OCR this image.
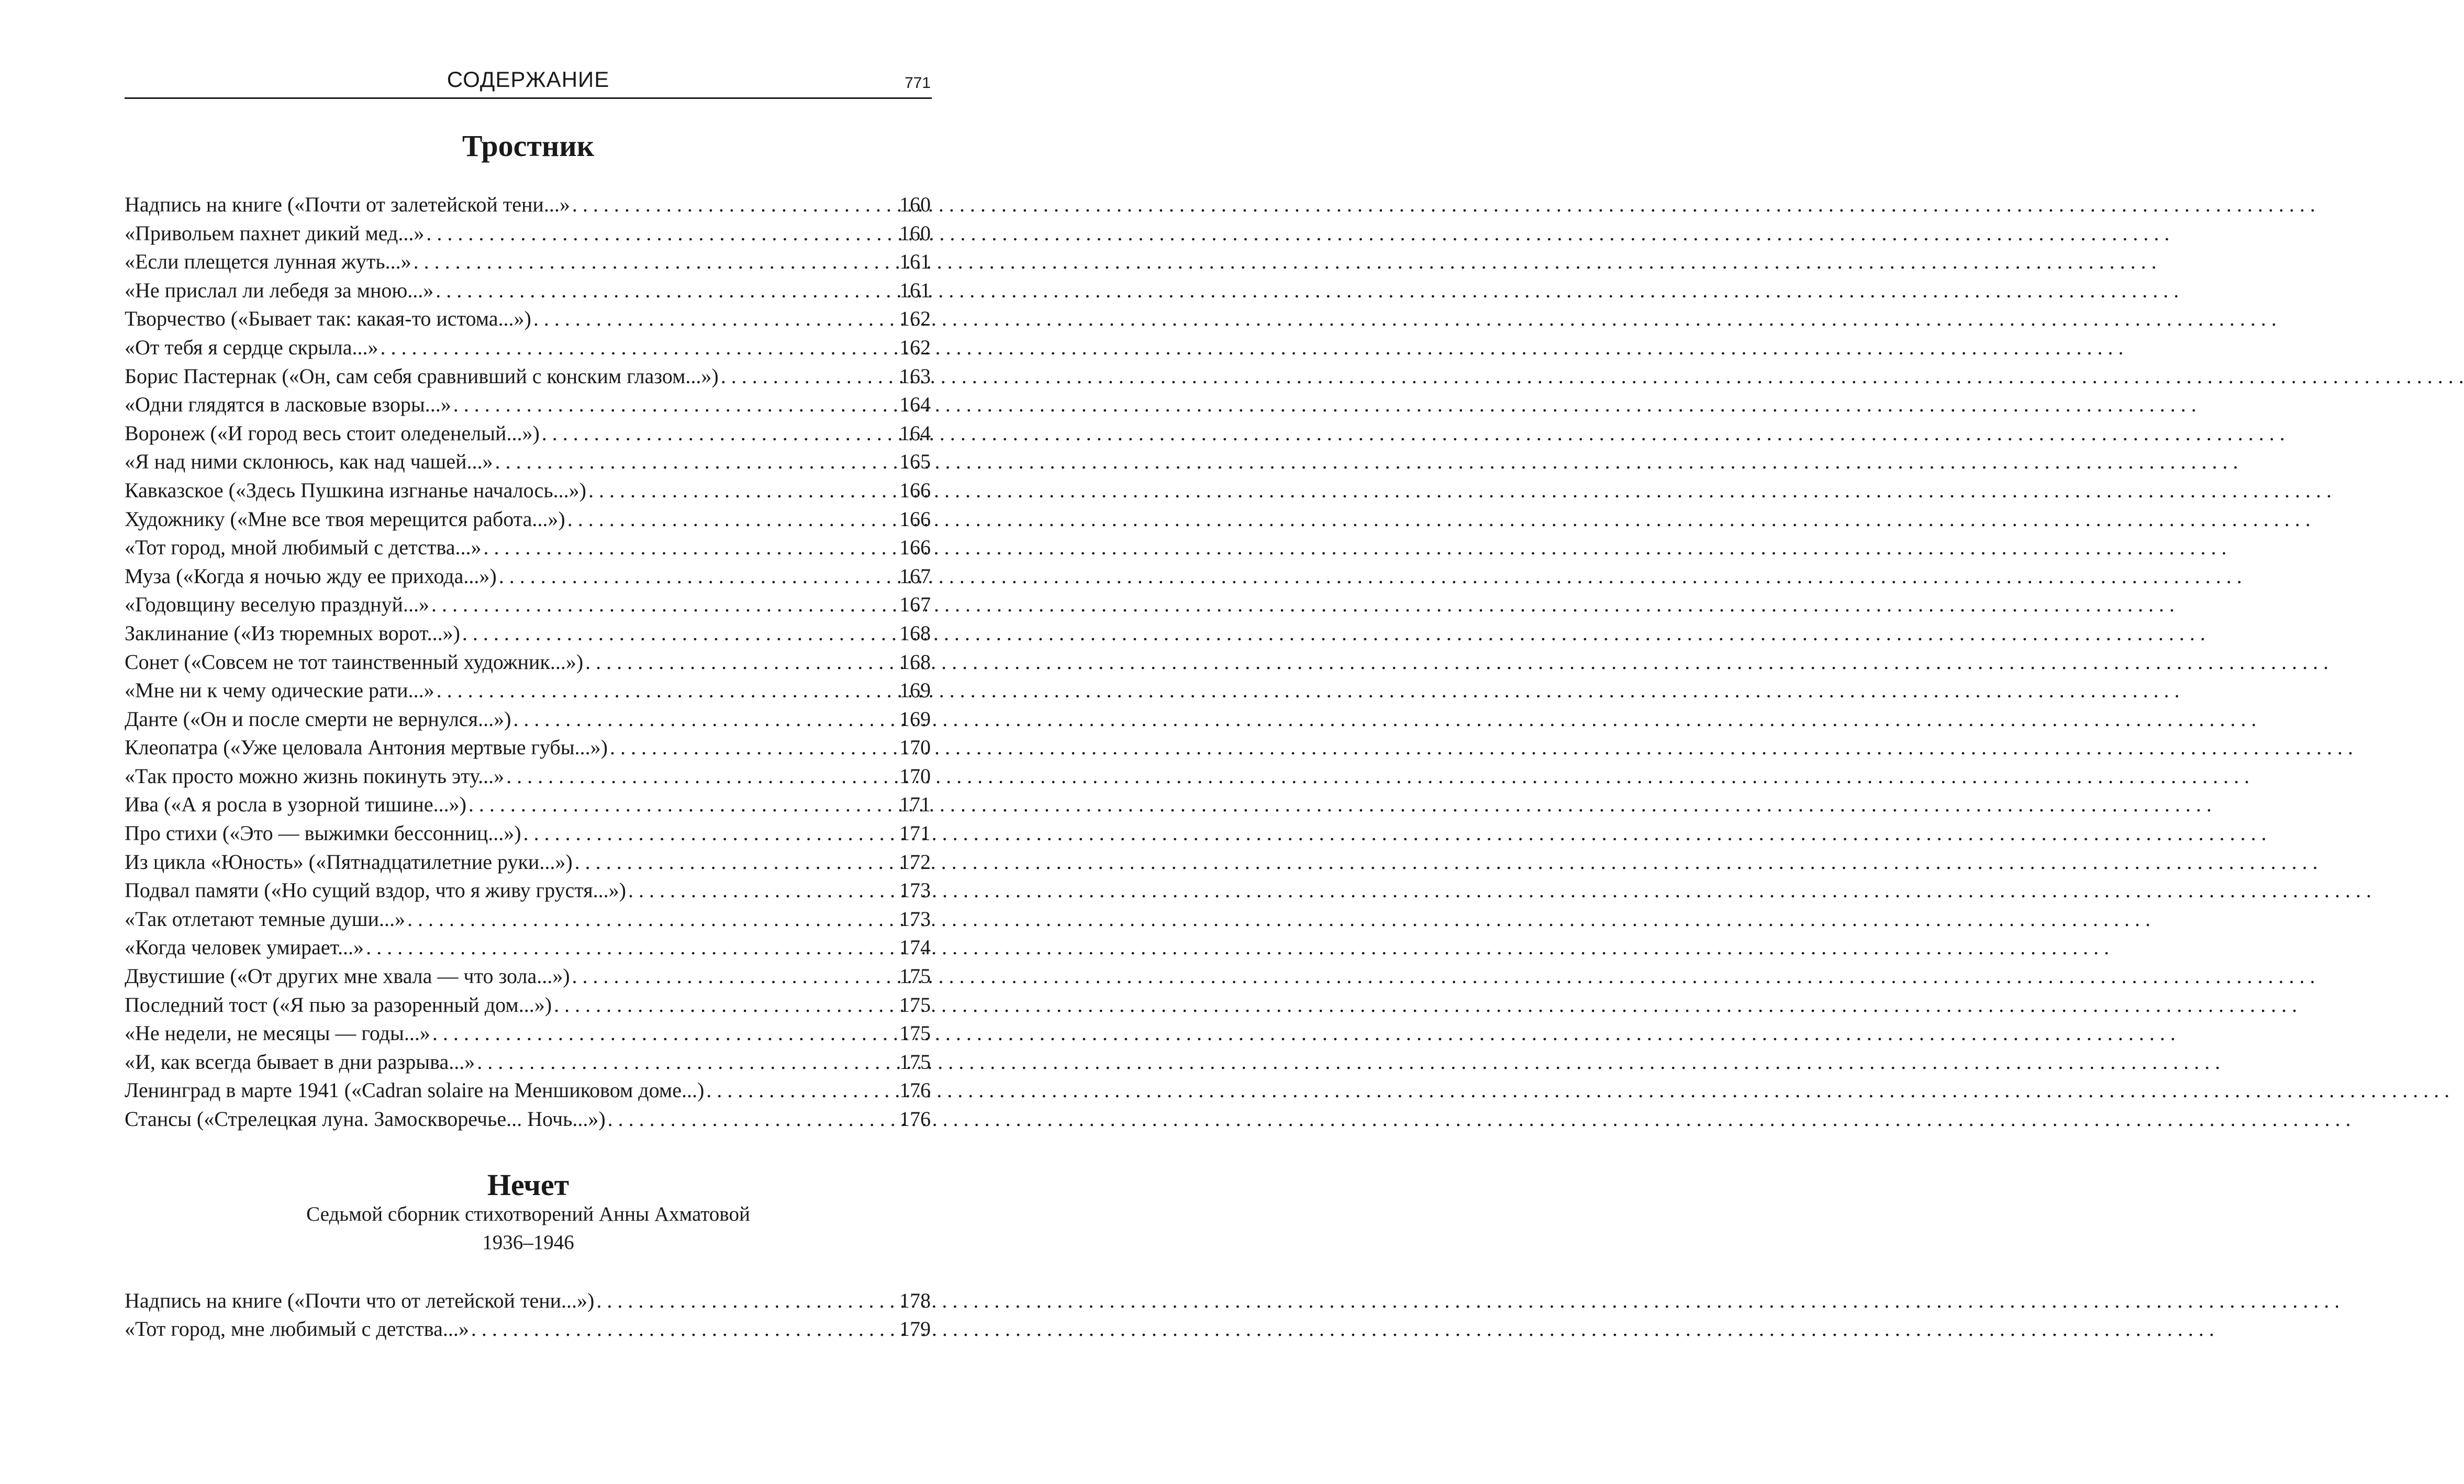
СОДЕРЖАНИЕ	771
Тростник
Надпись на книге («Почти от залетейской тени...» . . .	160
«Привольем пахнет дикий мед...» . . .	160
«Если плещется лунная жуть...» . . .	161
«Не прислал ли лебедя за мною...» . . .	161
Творчество («Бывает так: какая-то истома...») . . .	162
«От тебя я сердце скрыла...» . . .	162
Борис Пастернак («Он, сам себя сравнивший с конским глазом...») . . .	163
«Одни глядятся в ласковые взоры...» . . .	164
Воронеж («И город весь стоит оледенелый...») . . .	164
«Я над ними склонюсь, как над чашей...» . . .	165
Кавказское («Здесь Пушкина изгнанье началось...») . . .	166
Художнику («Мне все твоя мерещится работа...») . . .	166
«Тот город, мной любимый с детства...» . . .	166
Муза («Когда я ночью жду ее прихода...») . . .	167
«Годовщину веселую празднуй...» . . .	167
Заклинание («Из тюремных ворот...») . . .	168
Сонет («Совсем не тот таинственный художник...») . . .	168
«Мне ни к чему одические рати...» . . .	169
Данте («Он и после смерти не вернулся...») . . .	169
Клеопатра («Уже целовала Антония мертвые губы...») . . .	170
«Так просто можно жизнь покинуть эту...» . . .	170
Ива («А я росла в узорной тишине...») . . .	171
Про стихи («Это — выжимки бессонниц...») . . .	171
Из цикла «Юность» («Пятнадцатилетние руки...») . . .	172
Подвал памяти («Но сущий вздор, что я живу грустя...») . . .	173
«Так отлетают темные души...» . . .	173
«Когда человек умирает...» . . .	174
Двустишие («От других мне хвала — что зола...») . . .	175
Последний тост («Я пью за разоренный дом...») . . .	175
«Не недели, не месяцы — годы...» . . .	175
«И, как всегда бывает в дни разрыва...» . . .	175
Ленинград в марте 1941 («Cadran solaire на Меншиковом доме...) . . .	176
Стансы («Стрелецкая луна. Замоскворечье... Ночь...») . . .	176
Нечет
Седьмой сборник стихотворений Анны Ахматовой
1936–1946
Надпись на книге («Почти что от летейской тени...») . . .	178
«Тот город, мне любимый с детства...» . . .	179
